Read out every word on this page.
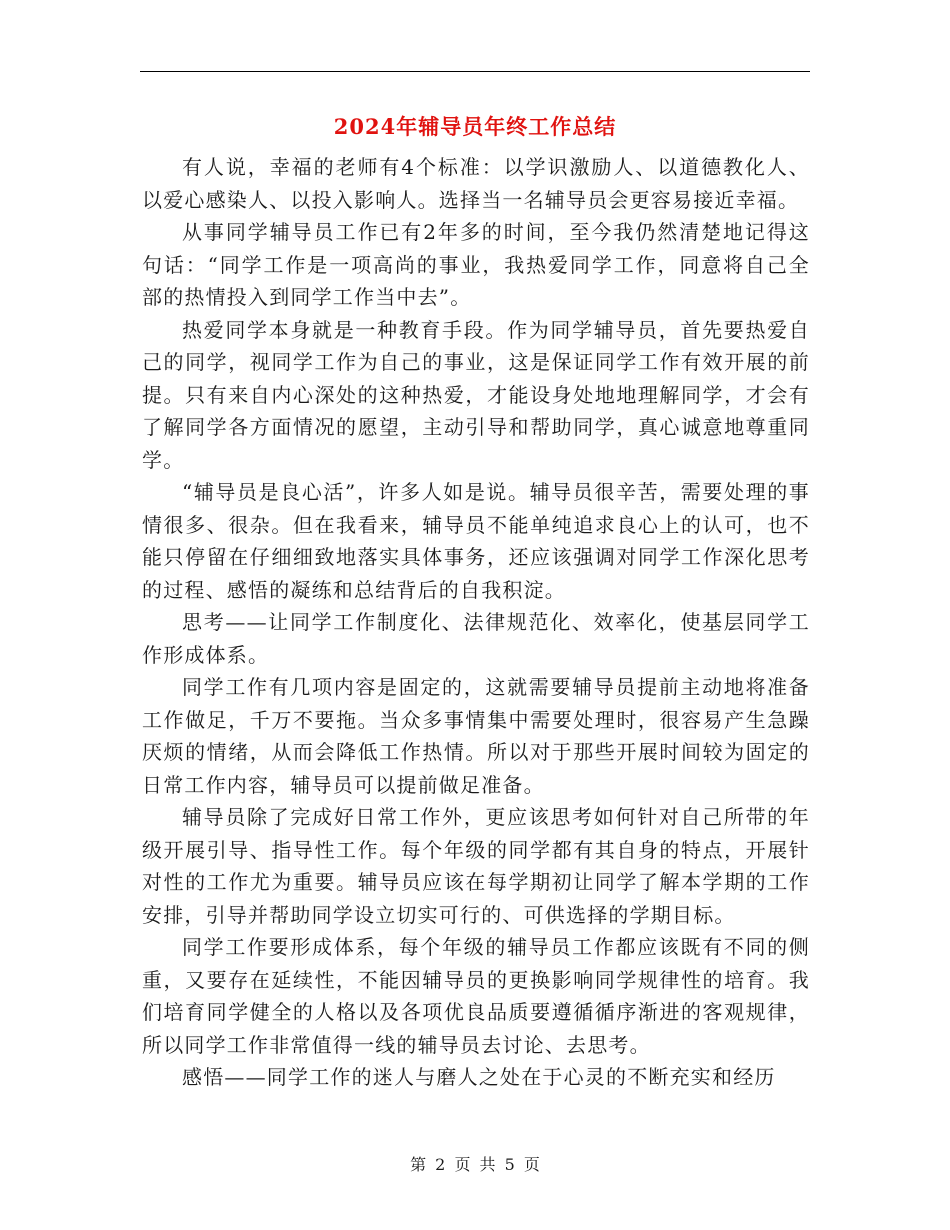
2024年辅导员年终工作总结

有人说，幸福的老师有4个标准：以学识激励人、以道德教化人、以爱心感染人、以投入影响人。选择当一名辅导员会更容易接近幸福。

从事同学辅导员工作已有2年多的时间，至今我仍然清楚地记得这句话：“同学工作是一项高尚的事业，我热爱同学工作，同意将自己全部的热情投入到同学工作当中去”。

热爱同学本身就是一种教育手段。作为同学辅导员，首先要热爱自己的同学，视同学工作为自己的事业，这是保证同学工作有效开展的前提。只有来自内心深处的这种热爱，才能设身处地地理解同学，才会有了解同学各方面情况的愿望，主动引导和帮助同学，真心诚意地尊重同学。

“辅导员是良心活”，许多人如是说。辅导员很辛苦，需要处理的事情很多、很杂。但在我看来，辅导员不能单纯追求良心上的认可，也不能只停留在仔细细致地落实具体事务，还应该强调对同学工作深化思考的过程、感悟的凝练和总结背后的自我积淀。

思考——让同学工作制度化、法律规范化、效率化，使基层同学工作形成体系。

同学工作有几项内容是固定的，这就需要辅导员提前主动地将准备工作做足，千万不要拖。当众多事情集中需要处理时，很容易产生急躁厌烦的情绪，从而会降低工作热情。所以对于那些开展时间较为固定的日常工作内容，辅导员可以提前做足准备。

辅导员除了完成好日常工作外，更应该思考如何针对自己所带的年级开展引导、指导性工作。每个年级的同学都有其自身的特点，开展针对性的工作尤为重要。辅导员应该在每学期初让同学了解本学期的工作安排，引导并帮助同学设立切实可行的、可供选择的学期目标。

同学工作要形成体系，每个年级的辅导员工作都应该既有不同的侧重，又要存在延续性，不能因辅导员的更换影响同学规律性的培育。我们培育同学健全的人格以及各项优良品质要遵循循序渐进的客观规律，所以同学工作非常值得一线的辅导员去讨论、去思考。

感悟——同学工作的迷人与磨人之处在于心灵的不断充实和经历

第 2 页 共 5 页
